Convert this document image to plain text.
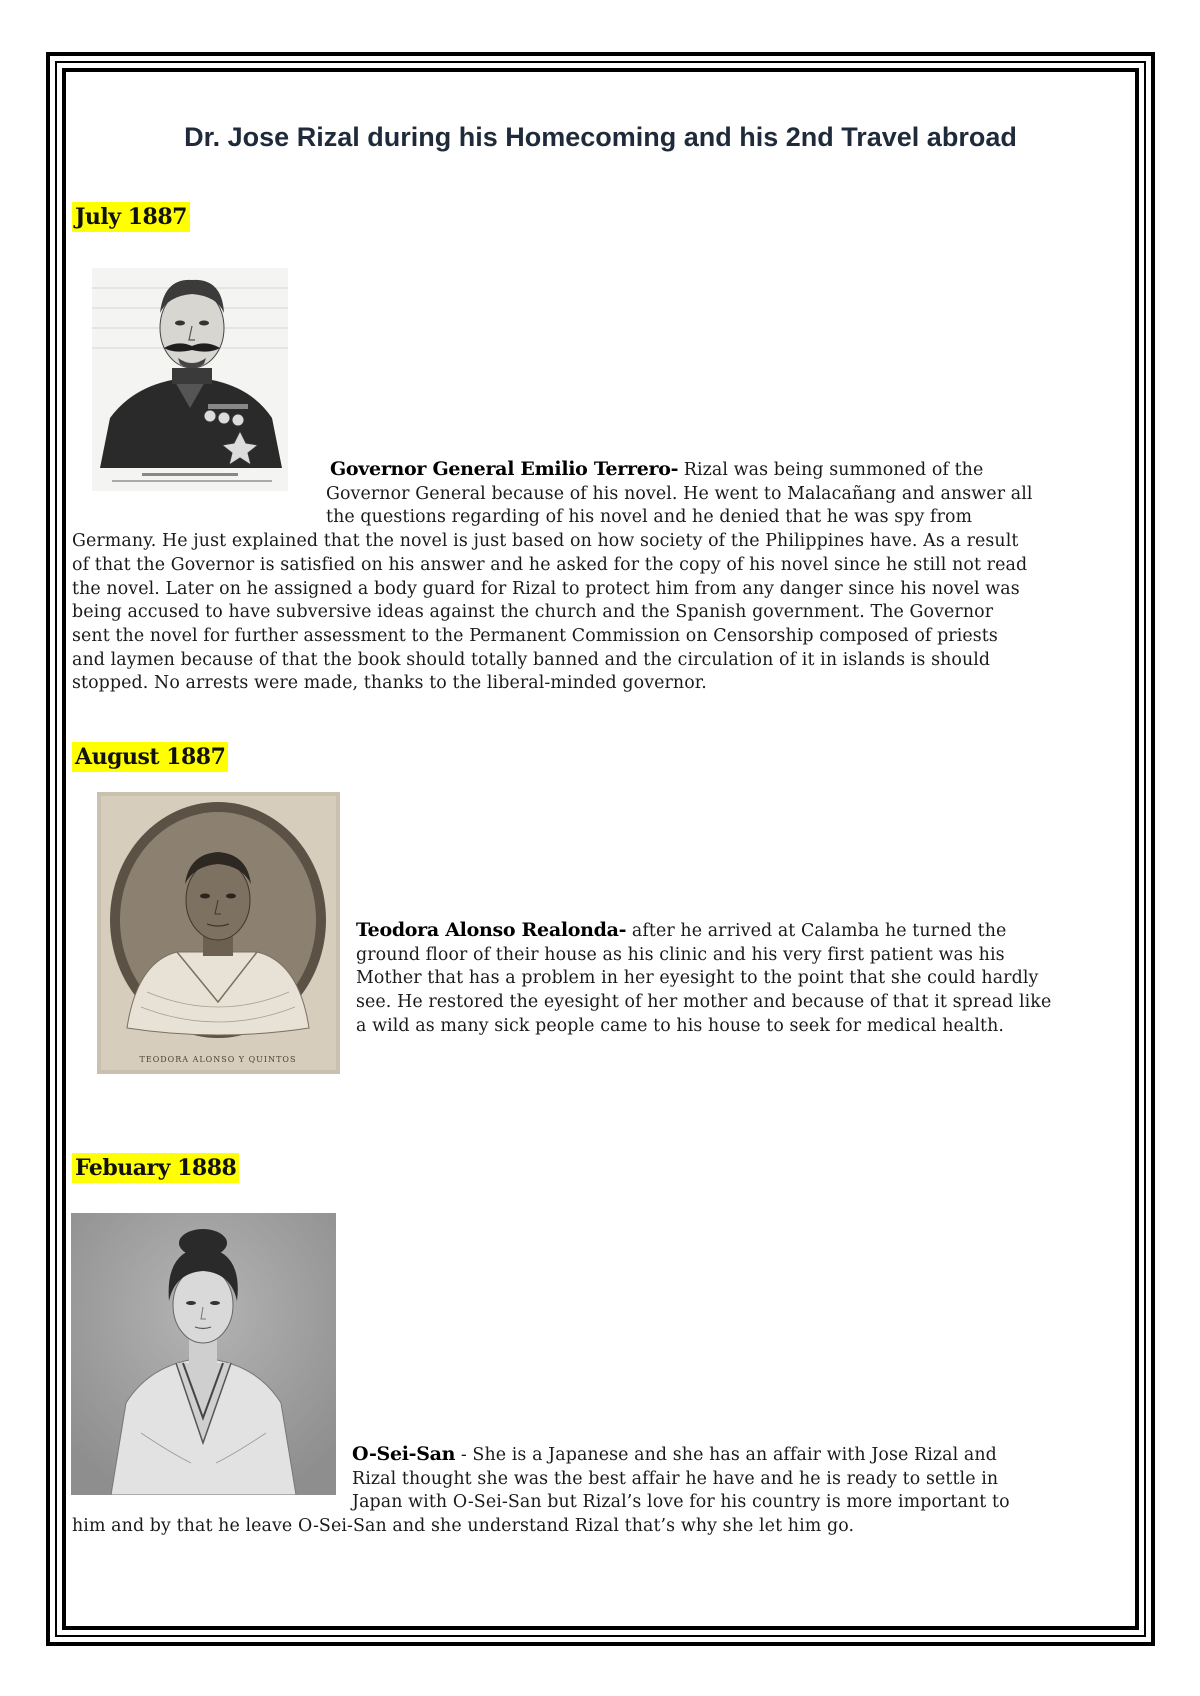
Dr. Jose Rizal during his Homecoming and his 2nd Travel abroad
July 1887
Governor General Emilio Terrero- Rizal was being summoned of the
Governor General because of his novel. He went to Malacañang and answer all
the questions regarding of his novel and he denied that he was spy from
Germany. He just explained that the novel is just based on how society of the Philippines have. As a result
of that the Governor is satisfied on his answer and he asked for the copy of his novel since he still not read
the novel. Later on he assigned a body guard for Rizal to protect him from any danger since his novel was
being accused to have subversive ideas against the church and the Spanish government. The Governor
sent the novel for further assessment to the Permanent Commission on Censorship composed of priests
and laymen because of that the book should totally banned and the circulation of it in islands is should
stopped. No arrests were made, thanks to the liberal-minded governor.
August 1887
TEODORA ALONSO Y QUINTOS
Teodora Alonso Realonda- after he arrived at Calamba he turned the
ground floor of their house as his clinic and his very first patient was his
Mother that has a problem in her eyesight to the point that she could hardly
see. He restored the eyesight of her mother and because of that it spread like
a wild as many sick people came to his house to seek for medical health.
Febuary 1888
O-Sei-San - She is a Japanese and she has an affair with Jose Rizal and
Rizal thought she was the best affair he have and he is ready to settle in
Japan with O-Sei-San but Rizal’s love for his country is more important to
him and by that he leave O-Sei-San and she understand Rizal that’s why she let him go.
